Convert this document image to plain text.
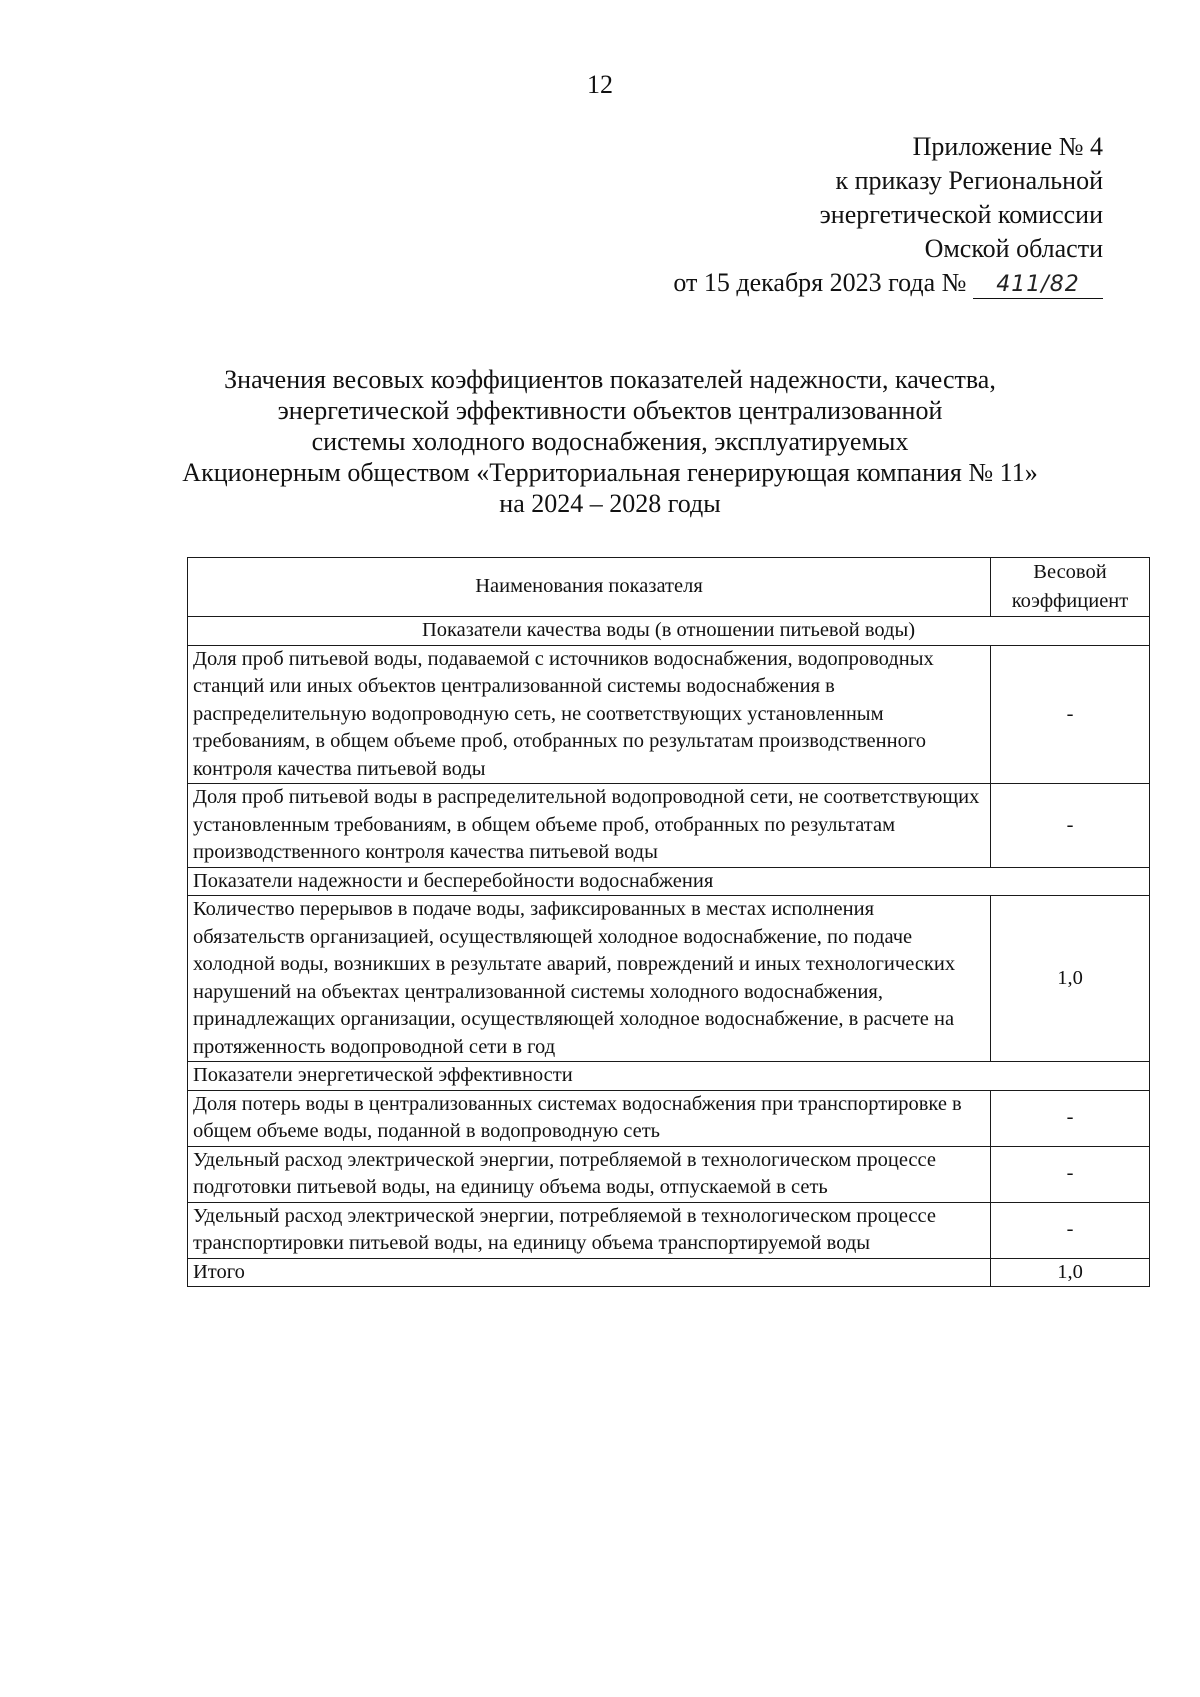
12
Приложение № 4
к приказу Региональной
энергетической комиссии
Омской области
от 15 декабря 2023 года № 411/82
Значения весовых коэффициентов показателей надежности, качества,
энергетической эффективности объектов централизованной
системы холодного водоснабжения, эксплуатируемых
Акционерным обществом «Территориальная генерирующая компания № 11»
на 2024 – 2028 годы
Наименования показателя	Весовой
коэффициент
Показатели качества воды (в отношении питьевой воды)	
Доля проб питьевой воды, подаваемой с источников водоснабжения, водопроводных станций или иных объектов централизованной системы водоснабжения в распределительную водопроводную сеть, не соответствующих установленным требованиям, в общем объеме проб, отобранных по результатам производственного контроля качества питьевой воды	-
Доля проб питьевой воды в распределительной водопроводной сети, не соответствующих установленным требованиям, в общем объеме проб, отобранных по результатам производственного контроля качества питьевой воды	-
Показатели надежности и бесперебойности водоснабжения	
Количество перерывов в подаче воды, зафиксированных в местах исполнения обязательств организацией, осуществляющей холодное водоснабжение, по подаче холодной воды, возникших в результате аварий, повреждений и иных технологических нарушений на объектах централизованной системы холодного водоснабжения, принадлежащих организации, осуществляющей холодное водоснабжение, в расчете на протяженность водопроводной сети в год	1,0
Показатели энергетической эффективности	
Доля потерь воды в централизованных системах водоснабжения при транспортировке в общем объеме воды, поданной в водопроводную сеть	-
Удельный расход электрической энергии, потребляемой в технологическом процессе подготовки питьевой воды, на единицу объема воды, отпускаемой в сеть	-
Удельный расход электрической энергии, потребляемой в технологическом процессе транспортировки питьевой воды, на единицу объема транспортируемой воды	-
Итого	1,0
